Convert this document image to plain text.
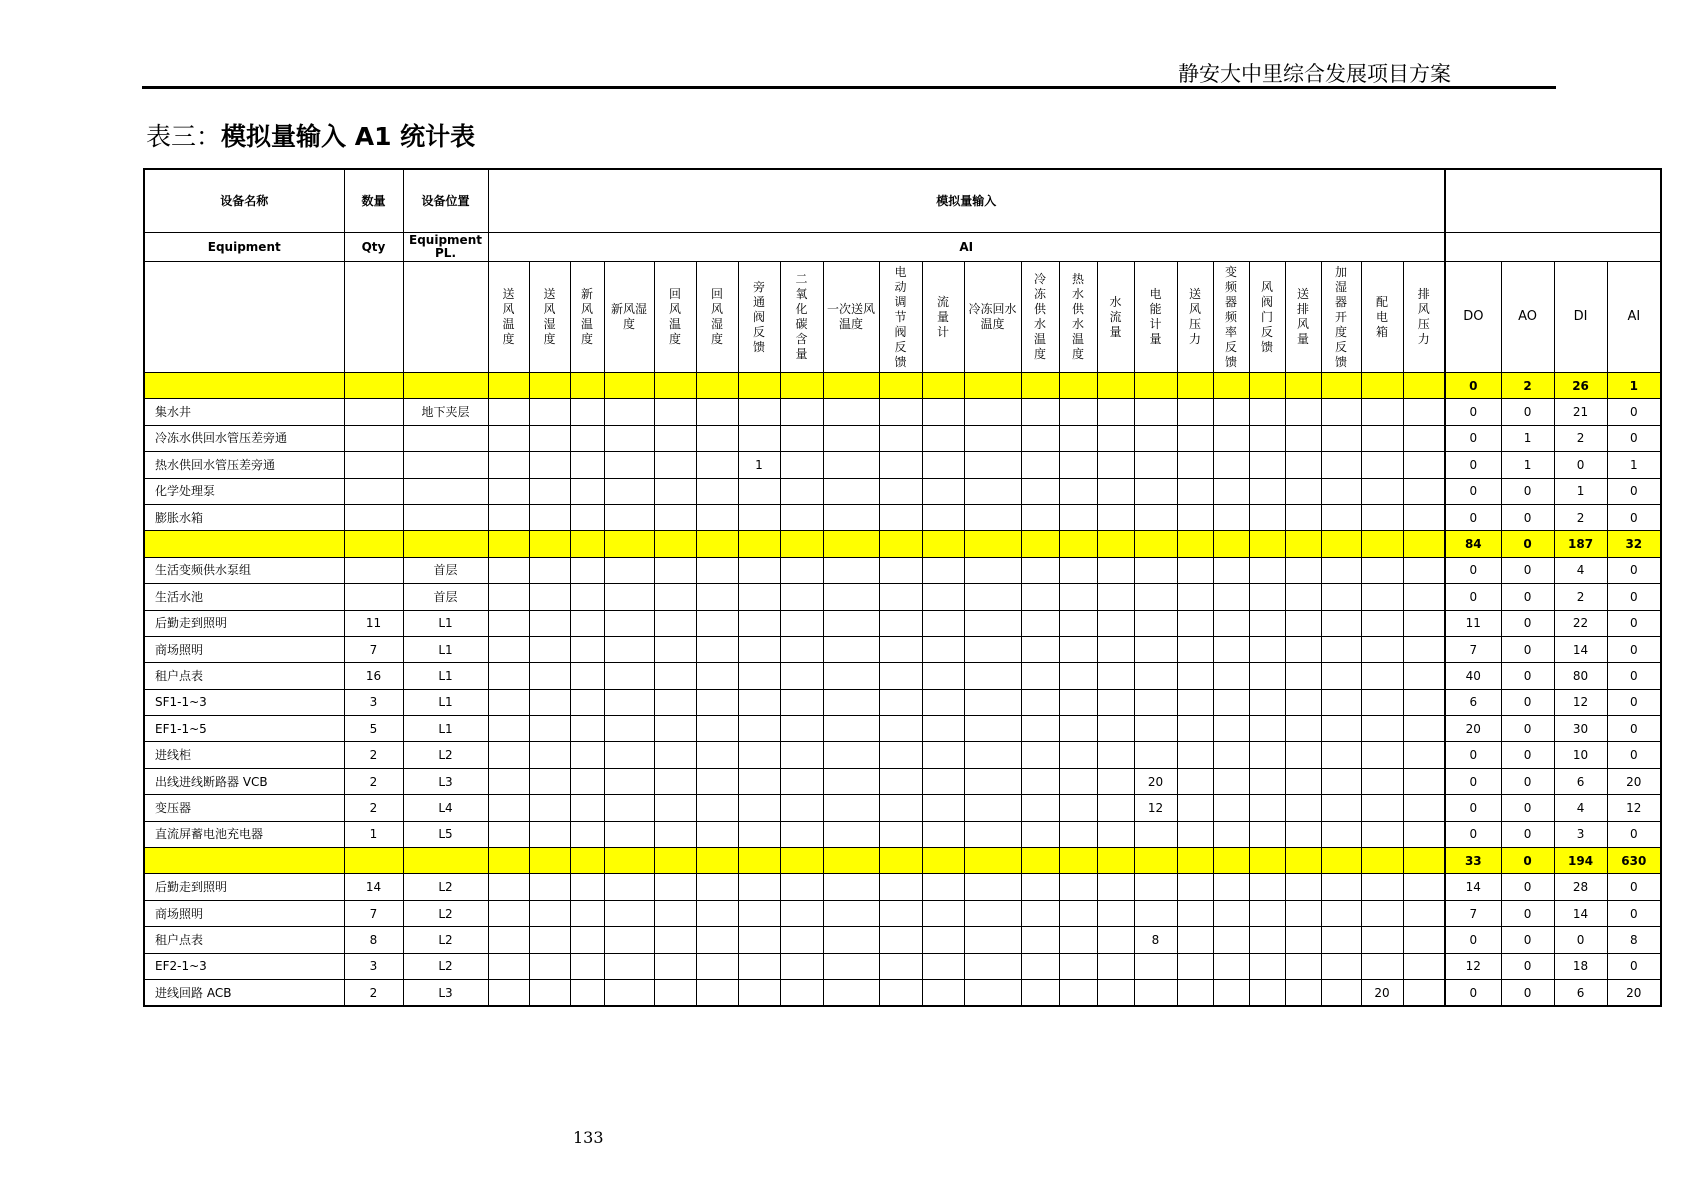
静安大中里综合发展项目方案
表三：模拟量输入 A1 统计表
设备名称	数量	设备位置	模拟量输入																										
Equipment	Qty	Equipment PL.	AI																										
			送风温度	送风湿度	新风温度	新风湿度	回风温度	回风湿度	旁通阀反馈	二氧化碳含量	一次送风温度	电动调节阀反馈	流量计	冷冻回水温度	冷冻供水温度	热水供水温度	水流量	电能计量	送风压力	变频器频率反馈	风阀门反馈	送排风量	加湿器开度反馈	配电箱	排风压力	DO	AO	DI	AI
																										0	2	26	1
集水井		地下夹层																								0	0	21	0
冷冻水供回水管压差旁通																										0	1	2	0
热水供回水管压差旁通									1																	0	1	0	1
化学处理泵																										0	0	1	0
膨胀水箱																										0	0	2	0
																										84	0	187	32
生活变频供水泵组		首层																								0	0	4	0
生活水池		首层																								0	0	2	0
后勤走到照明	11	L1																								11	0	22	0
商场照明	7	L1																								7	0	14	0
租户点表	16	L1																								40	0	80	0
SF1-1~3	3	L1																								6	0	12	0
EF1-1~5	5	L1																								20	0	30	0
进线柜	2	L2																								0	0	10	0
出线进线断路器 VCB	2	L3																20								0	0	6	20
变压器	2	L4																12								0	0	4	12
直流屏蓄电池充电器	1	L5																								0	0	3	0
																										33	0	194	630
后勤走到照明	14	L2																								14	0	28	0
商场照明	7	L2																								7	0	14	0
租户点表	8	L2																8								0	0	0	8
EF2-1~3	3	L2																								12	0	18	0
进线回路 ACB	2	L3																						20		0	0	6	20
133
